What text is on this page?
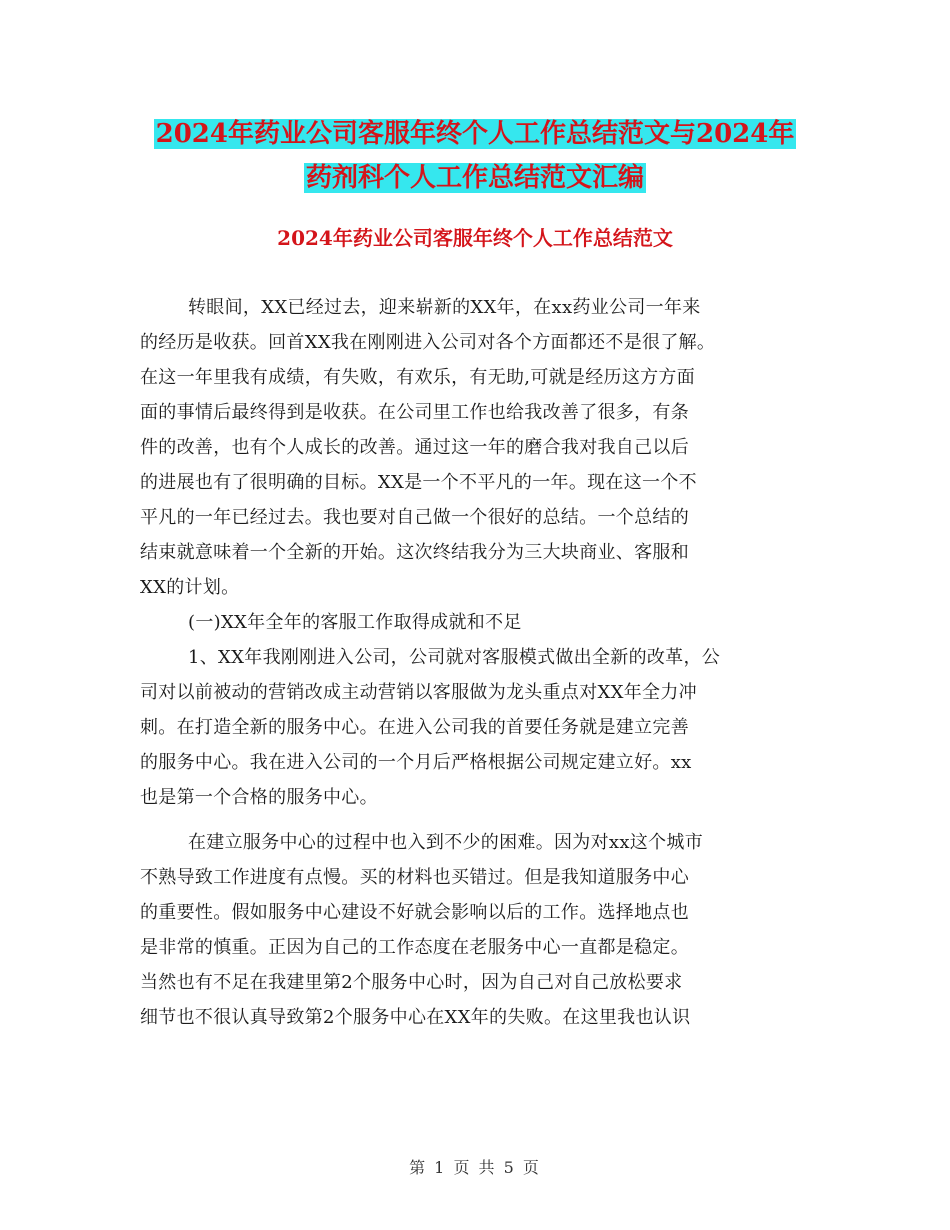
2024年药业公司客服年终个人工作总结范文与2024年
药剂科个人工作总结范文汇编
2024年药业公司客服年终个人工作总结范文
转眼间，XX已经过去，迎来崭新的XX年，在xx药业公司一年来
的经历是收获。回首XX我在刚刚进入公司对各个方面都还不是很了解。
在这一年里我有成绩，有失败，有欢乐，有无助,可就是经历这方方面
面的事情后最终得到是收获。在公司里工作也给我改善了很多，有条
件的改善，也有个人成长的改善。通过这一年的磨合我对我自己以后
的进展也有了很明确的目标。XX是一个不平凡的一年。现在这一个不
平凡的一年已经过去。我也要对自己做一个很好的总结。一个总结的
结束就意味着一个全新的开始。这次终结我分为三大块商业、客服和
XX的计划。
(一)XX年全年的客服工作取得成就和不足
1、XX年我刚刚进入公司，公司就对客服模式做出全新的改革，公
司对以前被动的营销改成主动营销以客服做为龙头重点对XX年全力冲
刺。在打造全新的服务中心。在进入公司我的首要任务就是建立完善
的服务中心。我在进入公司的一个月后严格根据公司规定建立好。xx
也是第一个合格的服务中心。
在建立服务中心的过程中也入到不少的困难。因为对xx这个城市
不熟导致工作进度有点慢。买的材料也买错过。但是我知道服务中心
的重要性。假如服务中心建设不好就会影响以后的工作。选择地点也
是非常的慎重。正因为自己的工作态度在老服务中心一直都是稳定。
当然也有不足在我建里第2个服务中心时，因为自己对自己放松要求
细节也不很认真导致第2个服务中心在XX年的失败。在这里我也认识
第 1 页 共 5 页
